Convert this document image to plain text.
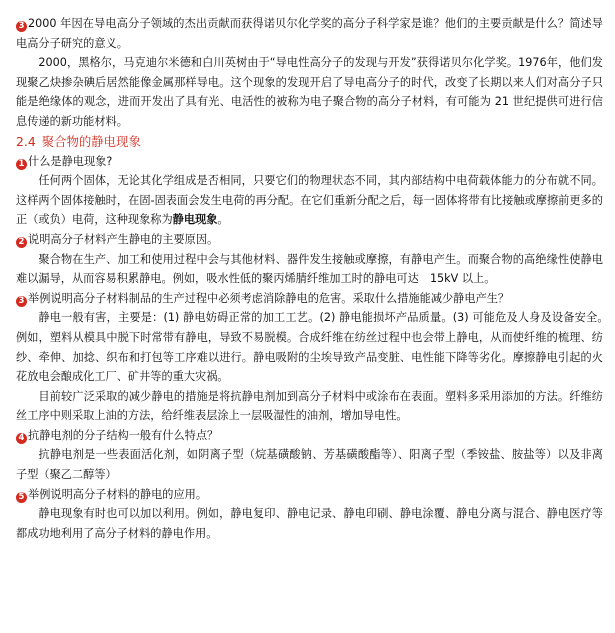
3 2000 年因在导电高分子领域的杰出贡献而获得诺贝尔化学奖的高分子科学家是谁？他们的主要贡献是什么？简述导电高分子研究的意义。

2000，黑格尔，马克迪尔米德和白川英树由于“导电性高分子的发现与开发”获得诺贝尔化学奖。1976年，他们发现聚乙炔掺杂碘后居然能像金属那样导电。这个现象的发现开启了导电高分子的时代，改变了长期以来人们对高分子只能是绝缘体的观念，进而开发出了具有光、电活性的被称为电子聚合物的高分子材料，有可能为 21 世纪提供可进行信息传递的新功能材料。

2.4 聚合物的静电现象

1 什么是静电现象?

任何两个固体，无论其化学组成是否相同，只要它们的物理状态不同，其内部结构中电荷载体能力的分布就不同。这样两个固体接触时，在固-固表面会发生电荷的再分配。在它们重新分配之后，每一固体将带有比接触或摩擦前更多的正（或负）电荷，这种现象称为静电现象。

2 说明高分子材料产生静电的主要原因。

聚合物在生产、加工和使用过程中会与其他材料、器件发生接触或摩擦，有静电产生。而聚合物的高绝缘性使静电难以漏导，从而容易积累静电。例如，吸水性低的聚丙烯腈纤维加工时的静电可达　15kV 以上。

3 举例说明高分子材料制品的生产过程中必须考虑消除静电的危害。采取什么措施能减少静电产生？

静电一般有害，主要是：(1) 静电妨碍正常的加工工艺。(2) 静电能损坏产品质量。(3) 可能危及人身及设备安全。　例如，塑料从模具中脱下时常带有静电，导致不易脱模。合成纤维在纺丝过程中也会带上静电，从而使纤维的梳理、纺纱、牵伸、加捻、织布和打包等工序难以进行。静电吸附的尘埃导致产品变脏、电性能下降等劣化。摩擦静电引起的火花放电会酿成化工厂、矿井等的重大灾祸。

目前较广泛采取的减少静电的措施是将抗静电剂加到高分子材料中或涂布在表面。塑料多采用添加的方法。纤维纺丝工序中则采取上油的方法，给纤维表层涂上一层吸湿性的油剂，增加导电性。

4 抗静电剂的分子结构一般有什么特点？

抗静电剂是一些表面活化剂，如阴离子型（烷基磺酸钠、芳基磺酸酯等）、阳离子型（季铵盐、胺盐等）以及非离子型（聚乙二醇等）

5 举例说明高分子材料的静电的应用。

静电现象有时也可以加以利用。例如，静电复印、静电记录、静电印刷、静电涂覆、静电分离与混合、静电医疗等都成功地利用了高分子材料的静电作用。
